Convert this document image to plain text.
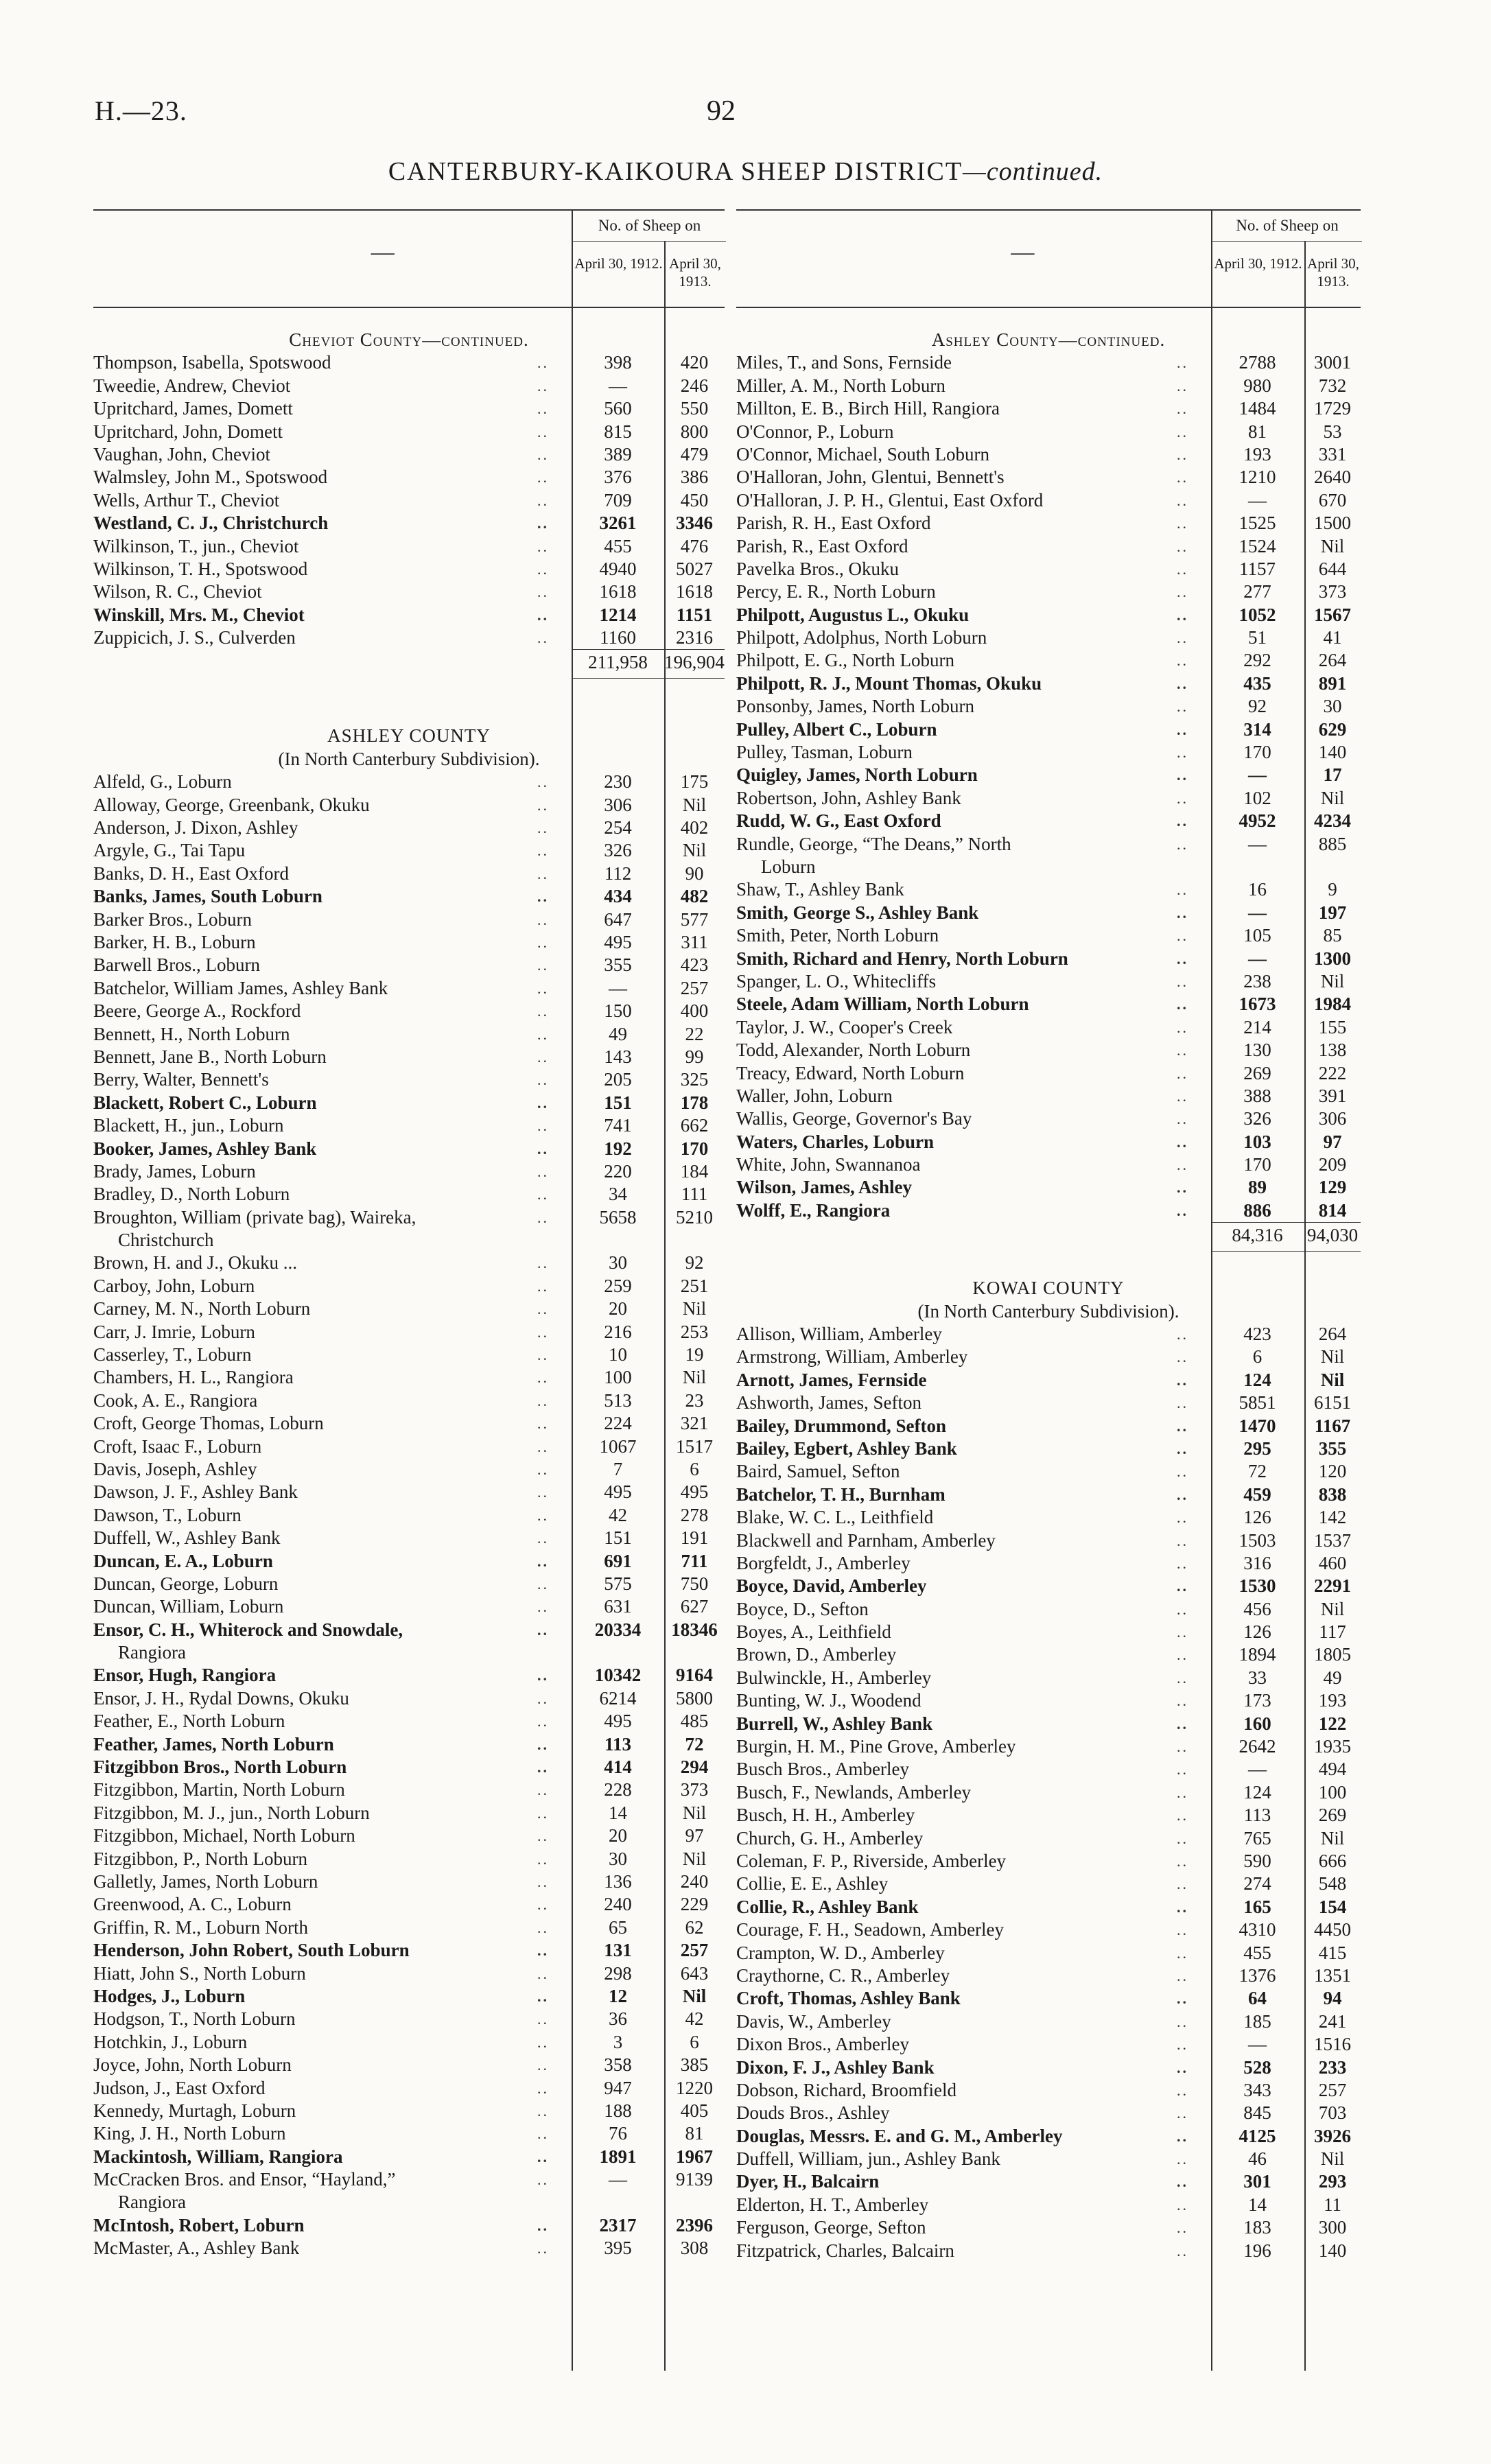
H.—23.	92
CANTERBURY-KAIKOURA SHEEP DISTRICT—continued.
—
No. of Sheep on
April 30, 1912. April 30, 1913.
Cheviot County—continued.
Thompson, Isabella, Spotswood	..	398	420
Tweedie, Andrew, Cheviot	..	—	246
Upritchard, James, Domett	..	560	550
Upritchard, John, Domett	..	815	800
Vaughan, John, Cheviot	..	389	479
Walmsley, John M., Spotswood	..	376	386
Wells, Arthur T., Cheviot	..	709	450
Westland, C. J., Christchurch	..	3261	3346
Wilkinson, T., jun., Cheviot	..	455	476
Wilkinson, T. H., Spotswood	..	4940	5027
Wilson, R. C., Cheviot	..	1618	1618
Winskill, Mrs. M., Cheviot	..	1214	1151
Zuppicich, J. S., Culverden	..	1160	2316
211,958 196,904
ASHLEY COUNTY
(In North Canterbury Subdivision).
Alfeld, G., Loburn	..	230	175
Alloway, George, Greenbank, Okuku	..	306	Nil
Anderson, J. Dixon, Ashley	..	254	402
Argyle, G., Tai Tapu	..	326	Nil
Banks, D. H., East Oxford	..	112	90
Banks, James, South Loburn	..	434	482
Barker Bros., Loburn	..	647	577
Barker, H. B., Loburn	..	495	311
Barwell Bros., Loburn	..	355	423
Batchelor, William James, Ashley Bank	..	—	257
Beere, George A., Rockford	..	150	400
Bennett, H., North Loburn	..	49	22
Bennett, Jane B., North Loburn	..	143	99
Berry, Walter, Bennett's	..	205	325
Blackett, Robert C., Loburn	..	151	178
Blackett, H., jun., Loburn	..	741	662
Booker, James, Ashley Bank	..	192	170
Brady, James, Loburn	..	220	184
Bradley, D., North Loburn	..	34	111
Broughton, William (private bag), Waireka,	..	5658	5210
Christchurch
Brown, H. and J., Okuku ...	..	30	92
Carboy, John, Loburn	..	259	251
Carney, M. N., North Loburn	..	20	Nil
Carr, J. Imrie, Loburn	..	216	253
Casserley, T., Loburn	..	10	19
Chambers, H. L., Rangiora	..	100	Nil
Cook, A. E., Rangiora	..	513	23
Croft, George Thomas, Loburn	..	224	321
Croft, Isaac F., Loburn	..	1067	1517
Davis, Joseph, Ashley	..	7	6
Dawson, J. F., Ashley Bank	..	495	495
Dawson, T., Loburn	..	42	278
Duffell, W., Ashley Bank	..	151	191
Duncan, E. A., Loburn	..	691	711
Duncan, George, Loburn	..	575	750
Duncan, William, Loburn	..	631	627
Ensor, C. H., Whiterock and Snowdale,	..	20334	18346
Rangiora
Ensor, Hugh, Rangiora	..	10342	9164
Ensor, J. H., Rydal Downs, Okuku	..	6214	5800
Feather, E., North Loburn	..	495	485
Feather, James, North Loburn	..	113	72
Fitzgibbon Bros., North Loburn	..	414	294
Fitzgibbon, Martin, North Loburn	..	228	373
Fitzgibbon, M. J., jun., North Loburn	..	14	Nil
Fitzgibbon, Michael, North Loburn	..	20	97
Fitzgibbon, P., North Loburn	..	30	Nil
Galletly, James, North Loburn	..	136	240
Greenwood, A. C., Loburn	..	240	229
Griffin, R. M., Loburn North	..	65	62
Henderson, John Robert, South Loburn	..	131	257
Hiatt, John S., North Loburn	..	298	643
Hodges, J., Loburn	..	12	Nil
Hodgson, T., North Loburn	..	36	42
Hotchkin, J., Loburn	..	3	6
Joyce, John, North Loburn	..	358	385
Judson, J., East Oxford	..	947	1220
Kennedy, Murtagh, Loburn	..	188	405
King, J. H., North Loburn	..	76	81
Mackintosh, William, Rangiora	..	1891	1967
McCracken Bros. and Ensor, “Hayland,”	..	—	9139
Rangiora
McIntosh, Robert, Loburn	..	2317	2396
McMaster, A., Ashley Bank	..	395	308
—
No. of Sheep on
April 30, 1912. April 30, 1913.
Ashley County—continued.
Miles, T., and Sons, Fernside	..	2788	3001
Miller, A. M., North Loburn	..	980	732
Millton, E. B., Birch Hill, Rangiora	..	1484	1729
O'Connor, P., Loburn	..	81	53
O'Connor, Michael, South Loburn	..	193	331
O'Halloran, John, Glentui, Bennett's	..	1210	2640
O'Halloran, J. P. H., Glentui, East Oxford	..	—	670
Parish, R. H., East Oxford	..	1525	1500
Parish, R., East Oxford	..	1524	Nil
Pavelka Bros., Okuku	..	1157	644
Percy, E. R., North Loburn	..	277	373
Philpott, Augustus L., Okuku	..	1052	1567
Philpott, Adolphus, North Loburn	..	51	41
Philpott, E. G., North Loburn	..	292	264
Philpott, R. J., Mount Thomas, Okuku	..	435	891
Ponsonby, James, North Loburn	..	92	30
Pulley, Albert C., Loburn	..	314	629
Pulley, Tasman, Loburn	..	170	140
Quigley, James, North Loburn	..	—	17
Robertson, John, Ashley Bank	..	102	Nil
Rudd, W. G., East Oxford	..	4952	4234
Rundle, George, “The Deans,” North	..	—	885
Loburn
Shaw, T., Ashley Bank	..	16	9
Smith, George S., Ashley Bank	..	—	197
Smith, Peter, North Loburn	..	105	85
Smith, Richard and Henry, North Loburn	..	—	1300
Spanger, L. O., Whitecliffs	..	238	Nil
Steele, Adam William, North Loburn	..	1673	1984
Taylor, J. W., Cooper's Creek	..	214	155
Todd, Alexander, North Loburn	..	130	138
Treacy, Edward, North Loburn	..	269	222
Waller, John, Loburn	..	388	391
Wallis, George, Governor's Bay	..	326	306
Waters, Charles, Loburn	..	103	97
White, John, Swannanoa	..	170	209
Wilson, James, Ashley	..	89	129
Wolff, E., Rangiora	..	886	814
84,316	94,030
KOWAI COUNTY
(In North Canterbury Subdivision).
Allison, William, Amberley	..	423	264
Armstrong, William, Amberley	..	6	Nil
Arnott, James, Fernside	..	124	Nil
Ashworth, James, Sefton	..	5851	6151
Bailey, Drummond, Sefton	..	1470	1167
Bailey, Egbert, Ashley Bank	..	295	355
Baird, Samuel, Sefton	..	72	120
Batchelor, T. H., Burnham	..	459	838
Blake, W. C. L., Leithfield	..	126	142
Blackwell and Parnham, Amberley	..	1503	1537
Borgfeldt, J., Amberley	..	316	460
Boyce, David, Amberley	..	1530	2291
Boyce, D., Sefton	..	456	Nil
Boyes, A., Leithfield	..	126	117
Brown, D., Amberley	..	1894	1805
Bulwinckle, H., Amberley	..	33	49
Bunting, W. J., Woodend	..	173	193
Burrell, W., Ashley Bank	..	160	122
Burgin, H. M., Pine Grove, Amberley	..	2642	1935
Busch Bros., Amberley	..	—	494
Busch, F., Newlands, Amberley	..	124	100
Busch, H. H., Amberley	..	113	269
Church, G. H., Amberley	..	765	Nil
Coleman, F. P., Riverside, Amberley	..	590	666
Collie, E. E., Ashley	..	274	548
Collie, R., Ashley Bank	..	165	154
Courage, F. H., Seadown, Amberley	..	4310	4450
Crampton, W. D., Amberley	..	455	415
Craythorne, C. R., Amberley	..	1376	1351
Croft, Thomas, Ashley Bank	..	64	94
Davis, W., Amberley	..	185	241
Dixon Bros., Amberley	..	—	1516
Dixon, F. J., Ashley Bank	..	528	233
Dobson, Richard, Broomfield	..	343	257
Douds Bros., Ashley	..	845	703
Douglas, Messrs. E. and G. M., Amberley	..	4125	3926
Duffell, William, jun., Ashley Bank	..	46	Nil
Dyer, H., Balcairn	..	301	293
Elderton, H. T., Amberley	..	14	11
Ferguson, George, Sefton	..	183	300
Fitzpatrick, Charles, Balcairn	..	196	140
